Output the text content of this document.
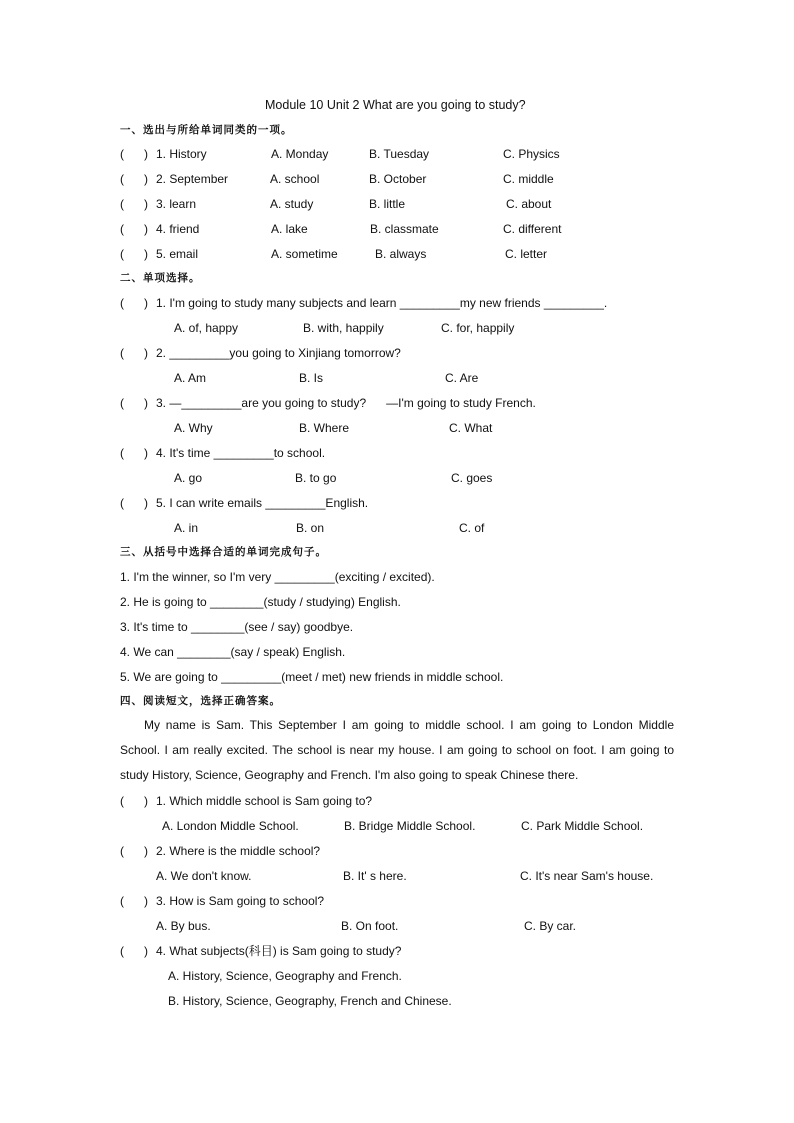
Module 10 Unit 2 What are you going to study?
一、选出与所给单词同类的一项。
(      ) 1. History	A. Monday	B. Tuesday	C. Physics
(      ) 2. September	A. school	B. October	C. middle
(      ) 3. learn	A. study	B. little	C. about
(      ) 4. friend	A. lake	B. classmate	C. different
(      ) 5. email	A. sometime	B. always	C. letter
二、单项选择。
(      ) 1. I'm going to study many subjects and learn _________my new friends _________.
A. of, happy	B. with, happily	C. for, happily
(      ) 2. _________you going to Xinjiang tomorrow?
A. Am	B. Is	C. Are
(      ) 3. —_________are you going to study?      —I'm going to study French.
A. Why	B. Where	C. What
(      ) 4. It's time _________to school.
A. go	B. to go	C. goes
(      ) 5. I can write emails _________English.
A. in	B. on	C. of
三、从括号中选择合适的单词完成句子。
1. I'm the winner, so I'm very _________(exciting / excited).
2. He is going to ________(study / studying) English.
3. It's time to ________(see / say) goodbye.
4. We can ________(say / speak) English.
5. We are going to _________(meet / met) new friends in middle school.
四、阅读短文，选择正确答案。
My name is Sam. This September I am going to middle school. I am going to London Middle School. I am really excited. The school is near my house. I am going to school on foot. I am going to study History, Science, Geography and French. I'm also going to speak Chinese there.
(      ) 1. Which middle school is Sam going to?
A. London Middle School.	B. Bridge Middle School.	C. Park Middle School.
(      ) 2. Where is the middle school?
A. We don't know.	B. It' s here.	C. It's near Sam's house.
(      ) 3. How is Sam going to school?
A. By bus.	B. On foot.	C. By car.
(      ) 4. What subjects(科目) is Sam going to study?
A. History, Science, Geography and French.
B. History, Science, Geography, French and Chinese.
